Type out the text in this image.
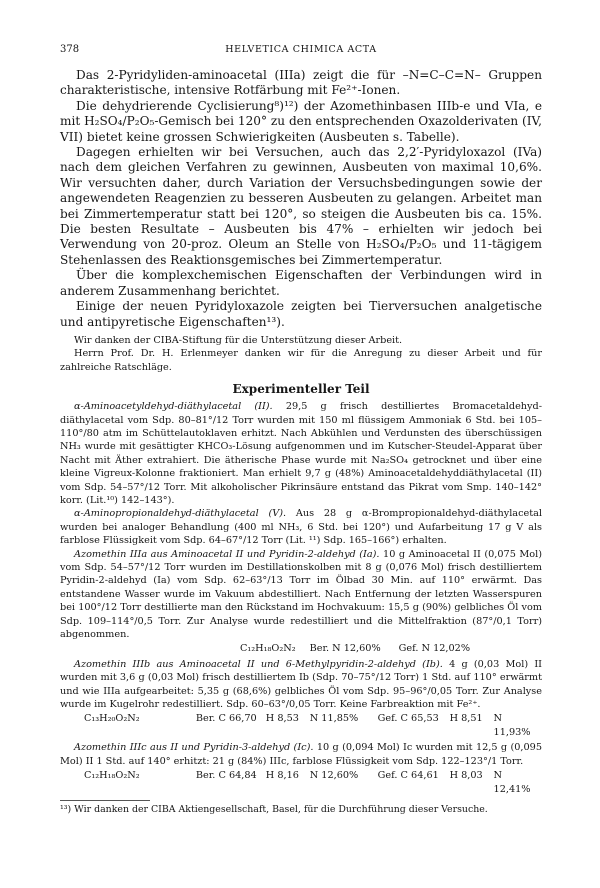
378	HELVETICA CHIMICA ACTA

Das 2-Pyridyliden-aminoacetal (IIIa) zeigt die für –N=C–C=N– Gruppen charakteristische, intensive Rotfärbung mit Fe²⁺-Ionen.

Die dehydrierende Cyclisierung⁸)¹²) der Azomethinbasen IIIb-e und VIa, e mit H₂SO₄/P₂O₅-Gemisch bei 120° zu den entsprechenden Oxazolderivaten (IV, VII) bietet keine grossen Schwierigkeiten (Ausbeuten s. Tabelle).

Dagegen erhielten wir bei Versuchen, auch das 2,2′-Pyridyloxazol (IVa) nach dem gleichen Verfahren zu gewinnen, Ausbeuten von maximal 10,6%. Wir versuchten daher, durch Variation der Versuchsbedingungen sowie der angewendeten Reagenzien zu besseren Ausbeuten zu gelangen. Arbeitet man bei Zimmertemperatur statt bei 120°, so steigen die Ausbeuten bis ca. 15%. Die besten Resultate – Ausbeuten bis 47% – erhielten wir jedoch bei Verwendung von 20-proz. Oleum an Stelle von H₂SO₄/P₂O₅ und 11-tägigem Stehenlassen des Reaktionsgemisches bei Zimmertemperatur.

Über die komplexchemischen Eigenschaften der Verbindungen wird in anderem Zusammenhang berichtet.

Einige der neuen Pyridyloxazole zeigten bei Tierversuchen analgetische und antipyretische Eigenschaften¹³).

Wir danken der CIBA-Stiftung für die Unterstützung dieser Arbeit.

Herrn Prof. Dr. H. Erlenmeyer danken wir für die Anregung zu dieser Arbeit und für zahlreiche Ratschläge.

Experimenteller Teil

α-Aminoacetyldehyd-diäthylacetal (II). 29,5 g frisch destilliertes Bromacetaldehyd-diäthylacetal vom Sdp. 80–81°/12 Torr wurden mit 150 ml flüssigem Ammoniak 6 Std. bei 105–110°/80 atm im Schüttelautoklaven erhitzt. Nach Abkühlen und Verdunsten des überschüssigen NH₃ wurde mit gesättigter KHCO₃-Lösung aufgenommen und im Kutscher-Steudel-Apparat über Nacht mit Äther extrahiert. Die ätherische Phase wurde mit Na₂SO₄ getrocknet und über eine kleine Vigreux-Kolonne fraktioniert. Man erhielt 9,7 g (48%) Aminoacetaldehyddiäthylacetal (II) vom Sdp. 54–57°/12 Torr. Mit alkoholischer Pikrinsäure entstand das Pikrat vom Smp. 140–142° korr. (Lit.¹⁰) 142–143°).

α-Aminopropionaldehyd-diäthylacetal (V). Aus 28 g α-Brompropionaldehyd-diäthylacetal wurden bei analoger Behandlung (400 ml NH₃, 6 Std. bei 120°) und Aufarbeitung 17 g V als farblose Flüssigkeit vom Sdp. 64–67°/12 Torr (Lit. ¹¹) Sdp. 165–166°) erhalten.

Azomethin IIIa aus Aminoacetal II und Pyridin-2-aldehyd (Ia). 10 g Aminoacetal II (0,075 Mol) vom Sdp. 54–57°/12 Torr wurden im Destillationskolben mit 8 g (0,076 Mol) frisch destilliertem Pyridin-2-aldehyd (Ia) vom Sdp. 62–63°/13 Torr im Ölbad 30 Min. auf 110° erwärmt. Das entstandene Wasser wurde im Vakuum abdestilliert. Nach Entfernung der letzten Wasserspuren bei 100°/12 Torr destillierte man den Rückstand im Hochvakuum: 15,5 g (90%) gelbliches Öl vom Sdp. 109–114°/0,5 Torr. Zur Analyse wurde redestilliert und die Mittelfraktion (87°/0,1 Torr) abgenommen.

C₁₂H₁₈O₂N₂ Ber. N 12,60% Gef. N 12,02%

Azomethin IIIb aus Aminoacetal II und 6-Methylpyridin-2-aldehyd (Ib). 4 g (0,03 Mol) II wurden mit 3,6 g (0,03 Mol) frisch destilliertem Ib (Sdp. 70–75°/12 Torr) 1 Std. auf 110° erwärmt und wie IIIa aufgearbeitet: 5,35 g (68,6%) gelbliches Öl vom Sdp. 95–96°/0,05 Torr. Zur Analyse wurde im Kugelrohr redestilliert. Sdp. 60–63°/0,05 Torr. Keine Farbreaktion mit Fe²⁺.

C₁₃H₂₀O₂N₂	Ber. C 66,70 H 8,53	N 11,85%	Gef. C 65,53	H 8,51	N 11,93%

Azomethin IIIc aus II und Pyridin-3-aldehyd (Ic). 10 g (0,094 Mol) Ic wurden mit 12,5 g (0,095 Mol) II 1 Std. auf 140° erhitzt: 21 g (84%) IIIc, farblose Flüssigkeit vom Sdp. 122–123°/1 Torr.

C₁₂H₁₈O₂N₂	Ber. C 64,84 H 8,16	N 12,60%	Gef. C 64,61	H 8,03	N 12,41%

¹³) Wir danken der CIBA Aktiengesellschaft, Basel, für die Durchführung dieser Versuche.
